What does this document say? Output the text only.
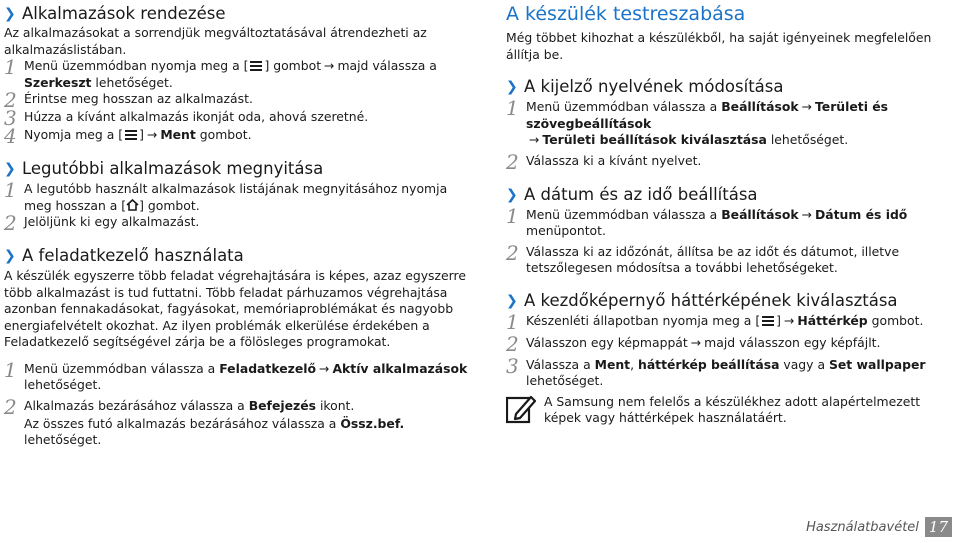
❯ Alkalmazások rendezése
Az alkalmazásokat a sorrendjük megváltoztatásával átrendezheti az alkalmazáslistában.
1 Menü üzemmódban nyomja meg a [ ] gombot → majd válassza a Szerkeszt lehetőséget.
2 Érintse meg hosszan az alkalmazást.
3 Húzza a kívánt alkalmazás ikonját oda, ahová szeretné.
4 Nyomja meg a [ ] → Ment gombot.
❯ Legutóbbi alkalmazások megnyitása
1 A legutóbb használt alkalmazások listájának megnyitásához nyomja meg hosszan a [ ] gombot.
2 Jelöljünk ki egy alkalmazást.
❯ A feladatkezelő használata
A készülék egyszerre több feladat végrehajtására is képes, azaz egyszerre több alkalmazást is tud futtatni. Több feladat párhuzamos végrehajtása azonban fennakadásokat, fagyásokat, memóriaproblémákat és nagyobb energiafelvételt okozhat. Az ilyen problémák elkerülése érdekében a Feladatkezelő segítségével zárja be a fölösleges programokat.
1 Menü üzemmódban válassza a Feladatkezelő → Aktív alkalmazások lehetőséget.
2 Alkalmazás bezárásához válassza a Befejezés ikont.
Az összes futó alkalmazás bezárásához válassza a Össz.bef. lehetőséget.
A készülék testreszabása
Még többet kihozhat a készülékből, ha saját igényeinek megfelelően állítja be.
❯ A kijelző nyelvének módosítása
1 Menü üzemmódban válassza a Beállítások → Területi és szövegbeállítások
→ Területi beállítások kiválasztása lehetőséget.
2 Válassza ki a kívánt nyelvet.
❯ A dátum és az idő beállítása
1 Menü üzemmódban válassza a Beállítások → Dátum és idő menüpontot.
2 Válassza ki az időzónát, állítsa be az időt és dátumot, illetve tetszőlegesen módosítsa a további lehetőségeket.
❯ A kezdőképernyő háttérképének kiválasztása
1 Készenléti állapotban nyomja meg a [ ] → Háttérkép gombot.
2 Válasszon egy képmappát → majd válasszon egy képfájlt.
3 Válassza a Ment, háttérkép beállítása vagy a Set wallpaper lehetőséget.
A Samsung nem felelős a készülékhez adott alapértelmezett képek vagy háttérképek használatáért.
Használatbavétel 17
